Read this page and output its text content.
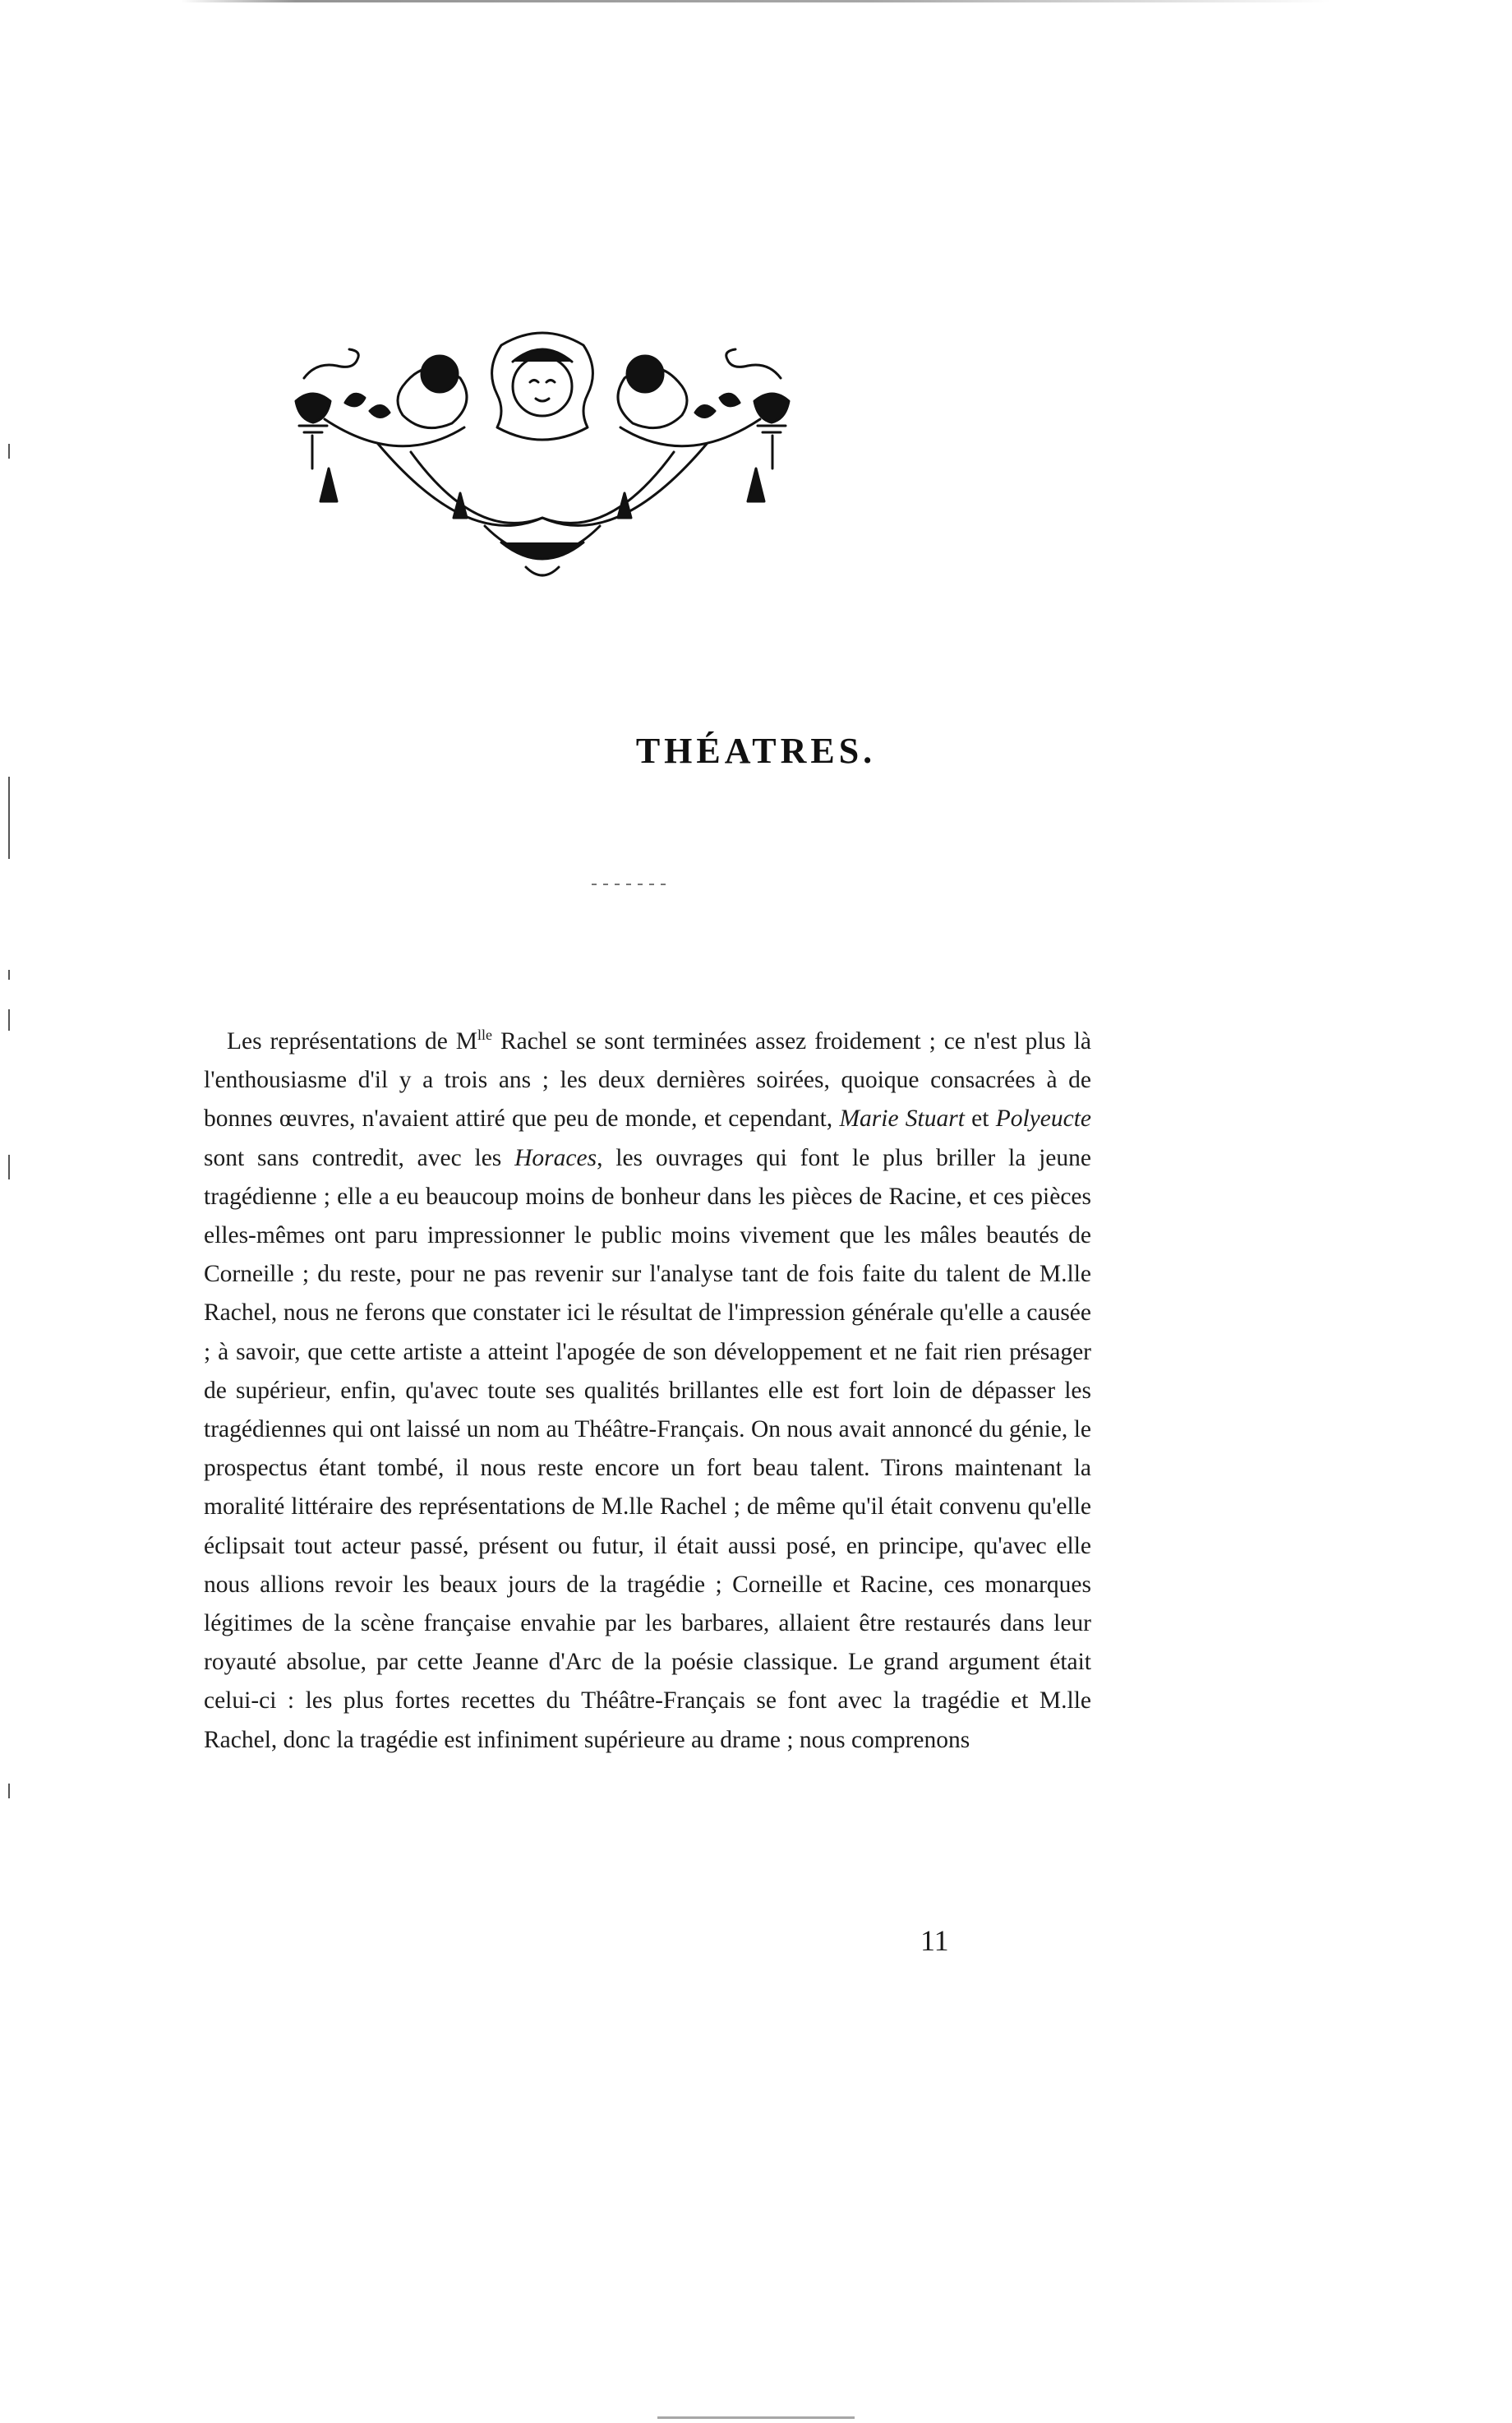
THÉATRES.

Les représentations de $M^{lle}$ Rachel se sont terminées assez froidement ; ce n'est plus là l'enthousiasme d'il y a trois ans ; les deux dernières soirées, quoique consacrées à de bonnes œuvres, n'avaient attiré que peu de monde, et cependant, Marie Stuart et Polyeucte sont sans contredit, avec les Horaces, les ouvrages qui font le plus briller la jeune tragédienne ; elle a eu beaucoup moins de bonheur dans les pièces de Racine, et ces pièces elles-mêmes ont paru impressionner le public moins vivement que les mâles beautés de Corneille ; du reste, pour ne pas revenir sur l'analyse tant de fois faite du talent de M.lle Rachel, nous ne ferons que constater ici le résultat de l'impression générale qu'elle a causée ; à savoir, que cette artiste a atteint l'apogée de son développement et ne fait rien présager de supérieur, enfin, qu'avec toute ses qualités brillantes elle est fort loin de dépasser les tragédiennes qui ont laissé un nom au Théâtre-Français. On nous avait annoncé du génie, le prospectus étant tombé, il nous reste encore un fort beau talent. Tirons maintenant la moralité littéraire des représentations de M.lle Rachel ; de même qu'il était convenu qu'elle éclipsait tout acteur passé, présent ou futur, il était aussi posé, en principe, qu'avec elle nous allions revoir les beaux jours de la tragédie ; Corneille et Racine, ces monarques légitimes de la scène française envahie par les barbares, allaient être restaurés dans leur royauté absolue, par cette Jeanne d'Arc de la poésie classique. Le grand argument était celui-ci : les plus fortes recettes du Théâtre-Français se font avec la tragédie et M.lle Rachel, donc la tragédie est infiniment supérieure au drame ; nous comprenons

11
